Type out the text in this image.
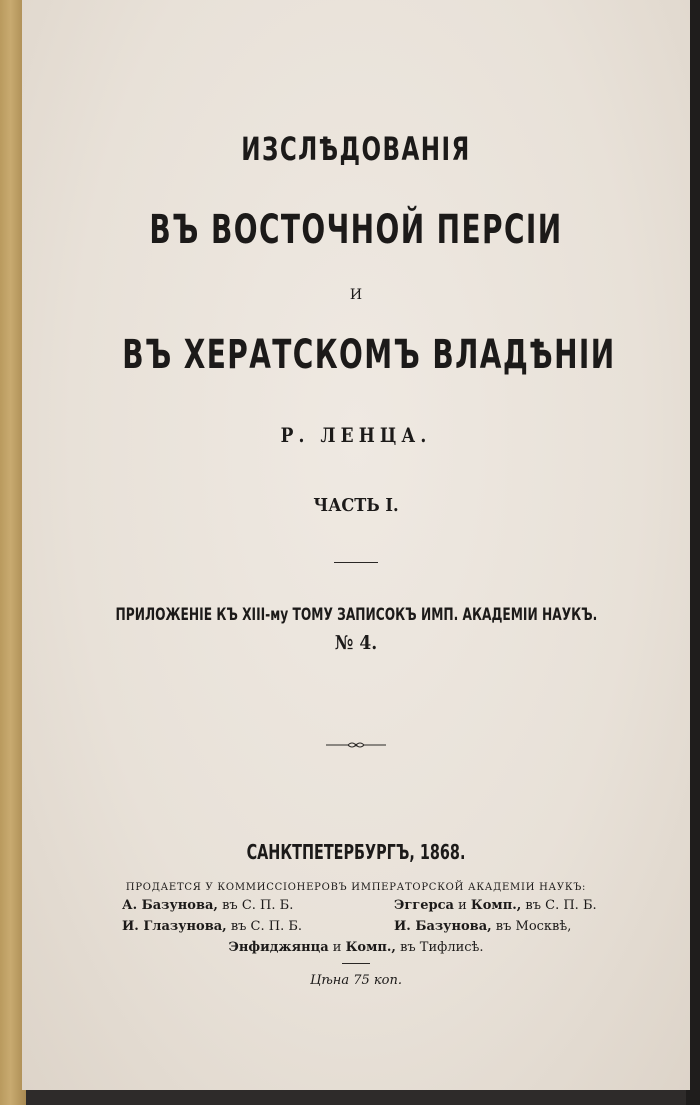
ИЗСЛѢДОВАНІЯ
ВЪ ВОСТОЧНОЙ ПЕРСІИ
И
ВЪ ХЕРАТСКОМЪ ВЛАДѢНІИ
Р. ЛЕНЦА.
ЧАСТЬ I.
ПРИЛОЖЕНІЕ КЪ XIII-му ТОМУ ЗАПИСОКЪ ИМП. АКАДЕМІИ НАУКЪ.
№ 4.
САНКТПЕТЕРБУРГЪ, 1868.
ПРОДАЕТСЯ У КОММИССІОНЕРОВЪ ИМПЕРАТОРСКОЙ АКАДЕМІИ НАУКЪ:
А. Базунова, въ С. П. Б.	Эггерса и Комп., въ С. П. Б.
И. Глазунова, въ С. П. Б.	И. Базунова, въ Москвѣ,
Энфиджянца и Комп., въ Тифлисѣ.
Цѣна 75 коп.
